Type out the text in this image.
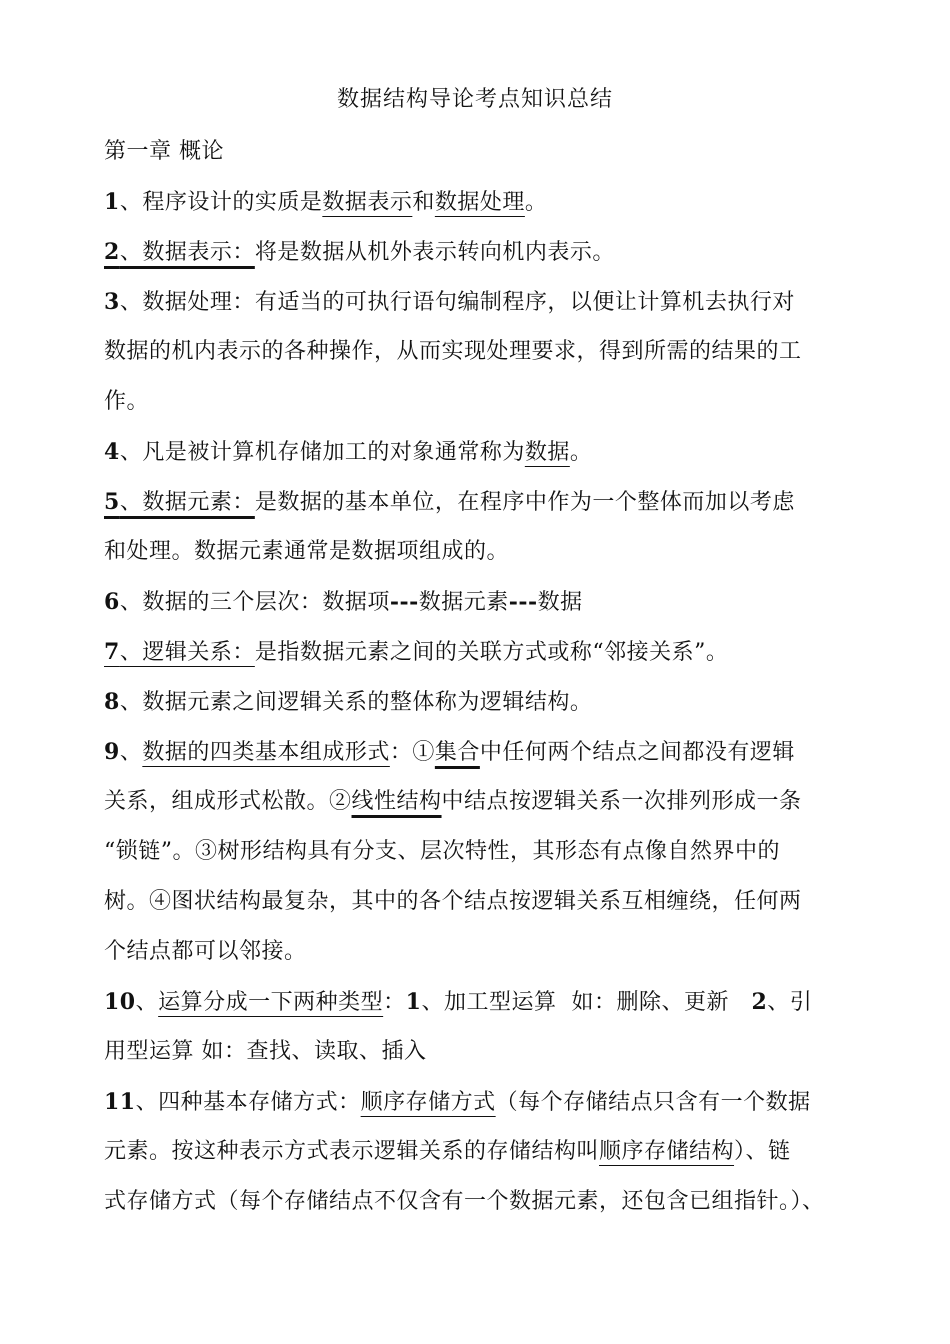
数据结构导论考点知识总结
第一章 概论
1、程序设计的实质是数据表示和数据处理。
2、数据表示：将是数据从机外表示转向机内表示。
3、数据处理：有适当的可执行语句编制程序，以便让计算机去执行对
数据的机内表示的各种操作，从而实现处理要求，得到所需的结果的工
作。
4、凡是被计算机存储加工的对象通常称为数据。
5、数据元素：是数据的基本单位，在程序中作为一个整体而加以考虑
和处理。数据元素通常是数据项组成的。
6、数据的三个层次：数据项---数据元素---数据
7、逻辑关系：是指数据元素之间的关联方式或称“邻接关系”。
8、数据元素之间逻辑关系的整体称为逻辑结构。
9、数据的四类基本组成形式：①集合中任何两个结点之间都没有逻辑
关系，组成形式松散。②线性结构中结点按逻辑关系一次排列形成一条
“锁链”。③树形结构具有分支、层次特性，其形态有点像自然界中的
树。④图状结构最复杂，其中的各个结点按逻辑关系互相缠绕，任何两
个结点都可以邻接。
10、运算分成一下两种类型：1、加工型运算  如：删除、更新   2、引
用型运算 如：查找、读取、插入
11、四种基本存储方式：顺序存储方式（每个存储结点只含有一个数据
元素。按这种表示方式表示逻辑关系的存储结构叫顺序存储结构）、链
式存储方式（每个存储结点不仅含有一个数据元素，还包含已组指针。）、
